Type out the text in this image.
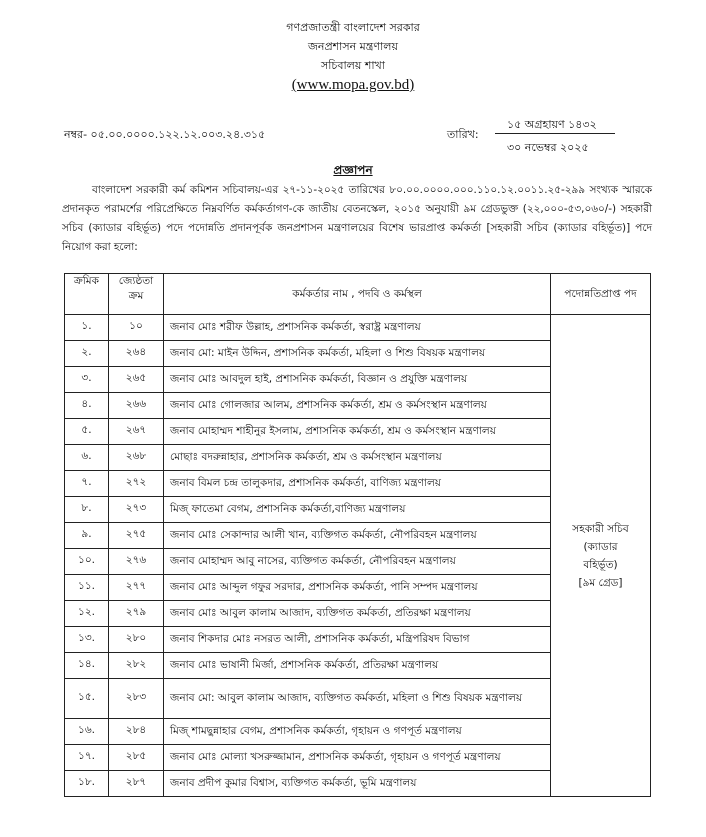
গণপ্রজাতন্ত্রী বাংলাদেশ সরকার
জনপ্রশাসন মন্ত্রণালয়
সচিবালয় শাখা
(www.mopa.gov.bd)
নম্বর- ০৫.০০.০০০০.১২২.১২.০০৩.২৪.৩১৫	তারিখ:
১৫ অগ্রহায়ণ ১৪৩২
৩০ নভেম্বর ২০২৫
প্রজ্ঞাপন
বাংলাদেশ সরকারী কর্ম কমিশন সচিবালয়-এর ২৭-১১-২০২৫ তারিখের ৮০.০০.০০০০.০০০.১১০.১২.০০১১.২৫-২৯৯ সংখ্যক স্মারকে প্রদানকৃত পরামর্শের পরিপ্রেক্ষিতে নিম্নবর্ণিত কর্মকর্তাগণ-কে জাতীয় বেতনস্কেল, ২০১৫ অনুযায়ী ৯ম গ্রেডভুক্ত (২২,০০০-৫৩,০৬০/-) সহকারী সচিব (ক্যাডার বহির্ভূত) পদে পদোন্নতি প্রদানপূর্বক জনপ্রশাসন মন্ত্রণালয়ের বিশেষ ভারপ্রাপ্ত কর্মকর্তা [সহকারী সচিব (ক্যাডার বহির্ভূত)] পদে নিয়োগ করা হলো:
ক্রমিক	জ্যেষ্ঠতা ক্রম	কর্মকর্তার নাম , পদবি ও কর্মস্থল	পদোন্নতিপ্রাপ্ত পদ
১.	১০	জনাব মোঃ শরীফ উল্লাহ, প্রশাসনিক কর্মকর্তা, স্বরাষ্ট্র মন্ত্রণালয়	সহকারী সচিব
(ক্যাডার
বহির্ভূত)
[৯ম গ্রেড]

২.	২৬৪	জনাব মো: মাইন উদ্দিন, প্রশাসনিক কর্মকর্তা, মহিলা ও শিশু বিষয়ক মন্ত্রণালয়	
৩.	২৬৫	জনাব মোঃ আবদুল হাই, প্রশাসনিক কর্মকর্তা, বিজ্ঞান ও প্রযুক্তি মন্ত্রণালয়	
৪.	২৬৬	জনাব মোঃ গোলজার আলম, প্রশাসনিক কর্মকর্তা, শ্রম ও কর্মসংস্থান মন্ত্রণালয়	
৫.	২৬৭	জনাব মোহাম্মদ শাহীনুর ইসলাম, প্রশাসনিক কর্মকর্তা, শ্রম ও কর্মসংস্থান মন্ত্রণালয়	
৬.	২৬৮	মোছাঃ বদরুন্নাহার, প্রশাসনিক কর্মকর্তা, শ্রম ও কর্মসংস্থান মন্ত্রণালয়	
৭.	২৭২	জনাব বিমল চন্দ্র তালুকদার, প্রশাসনিক কর্মকর্তা, বাণিজ্য মন্ত্রণালয়	
৮.	২৭৩	মিজ্ ফাতেমা বেগম, প্রশাসনিক কর্মকর্তা,বাণিজ্য মন্ত্রণালয়	
৯.	২৭৫	জনাব মোঃ সেকান্দার আলী খান, ব্যক্তিগত কর্মকর্তা, নৌপরিবহন মন্ত্রণালয়	
১০.	২৭৬	জনাব মোহাম্মদ আবু নাসের, ব্যক্তিগত কর্মকর্তা, নৌপরিবহন মন্ত্রণালয়	
১১.	২৭৭	জনাব মোঃ আব্দুল গফুর সরদার, প্রশাসনিক কর্মকর্তা, পানি সম্পদ মন্ত্রণালয়	
১২.	২৭৯	জনাব মোঃ আবুল কালাম আজাদ, ব্যক্তিগত কর্মকর্তা, প্রতিরক্ষা মন্ত্রণালয়	
১৩.	২৮০	জনাব শিকদার মোঃ নসরত আলী, প্রশাসনিক কর্মকর্তা, মন্ত্রিপরিষদ বিভাগ	
১৪.	২৮২	জনাব মোঃ ভাষানী মির্জা, প্রশাসনিক কর্মকর্তা, প্রতিরক্ষা মন্ত্রণালয়	
১৫.	২৮৩	জনাব মো: আবুল কালাম আজাদ, ব্যক্তিগত কর্মকর্তা, মহিলা ও শিশু বিষয়ক মন্ত্রণালয়	
১৬.	২৮৪	মিজ্ শামছুন্নাহার বেগম, প্রশাসনিক কর্মকর্তা, গৃহায়ন ও গণপূর্ত মন্ত্রণালয়	
১৭.	২৮৫	জনাব মোঃ মোল্যা খসরুজ্জামান, প্রশাসনিক কর্মকর্তা, গৃহায়ন ও গণপূর্ত মন্ত্রণালয়	
১৮.	২৮৭	জনাব প্রদীপ কুমার বিশ্বাস, ব্যক্তিগত কর্মকর্তা, ভূমি মন্ত্রণালয়	
